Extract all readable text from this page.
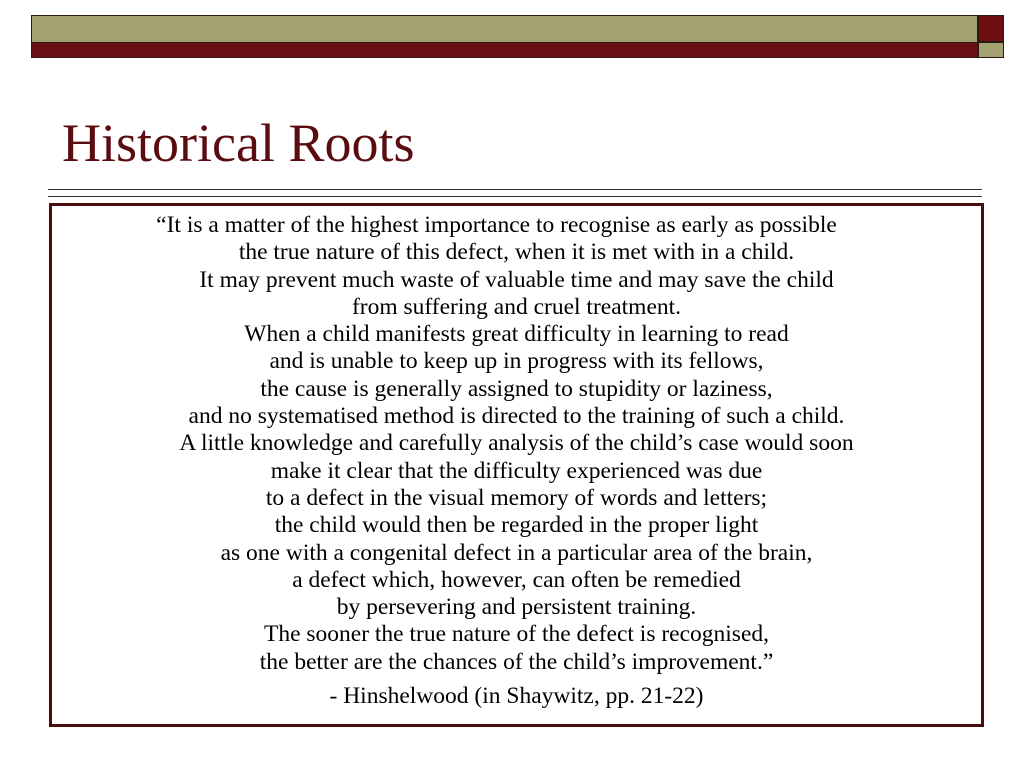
Historical Roots
“It is a matter of the highest importance to recognise as early as possible
the true nature of this defect, when it is met with in a child.
It may prevent much waste of valuable time and may save the child
from suffering and cruel treatment.
When a child manifests great difficulty in learning to read
and is unable to keep up in progress with its fellows,
the cause is generally assigned to stupidity or laziness,
and no systematised method is directed to the training of such a child.
A little knowledge and carefully analysis of the child’s case would soon
make it clear that the difficulty experienced was due
to a defect in the visual memory of words and letters;
the child would then be regarded in the proper light
as one with a congenital defect in a particular area of the brain,
a defect which, however, can often be remedied
by persevering and persistent training.
The sooner the true nature of the defect is recognised,
the better are the chances of the child’s improvement.”
- Hinshelwood (in Shaywitz, pp. 21-22)
